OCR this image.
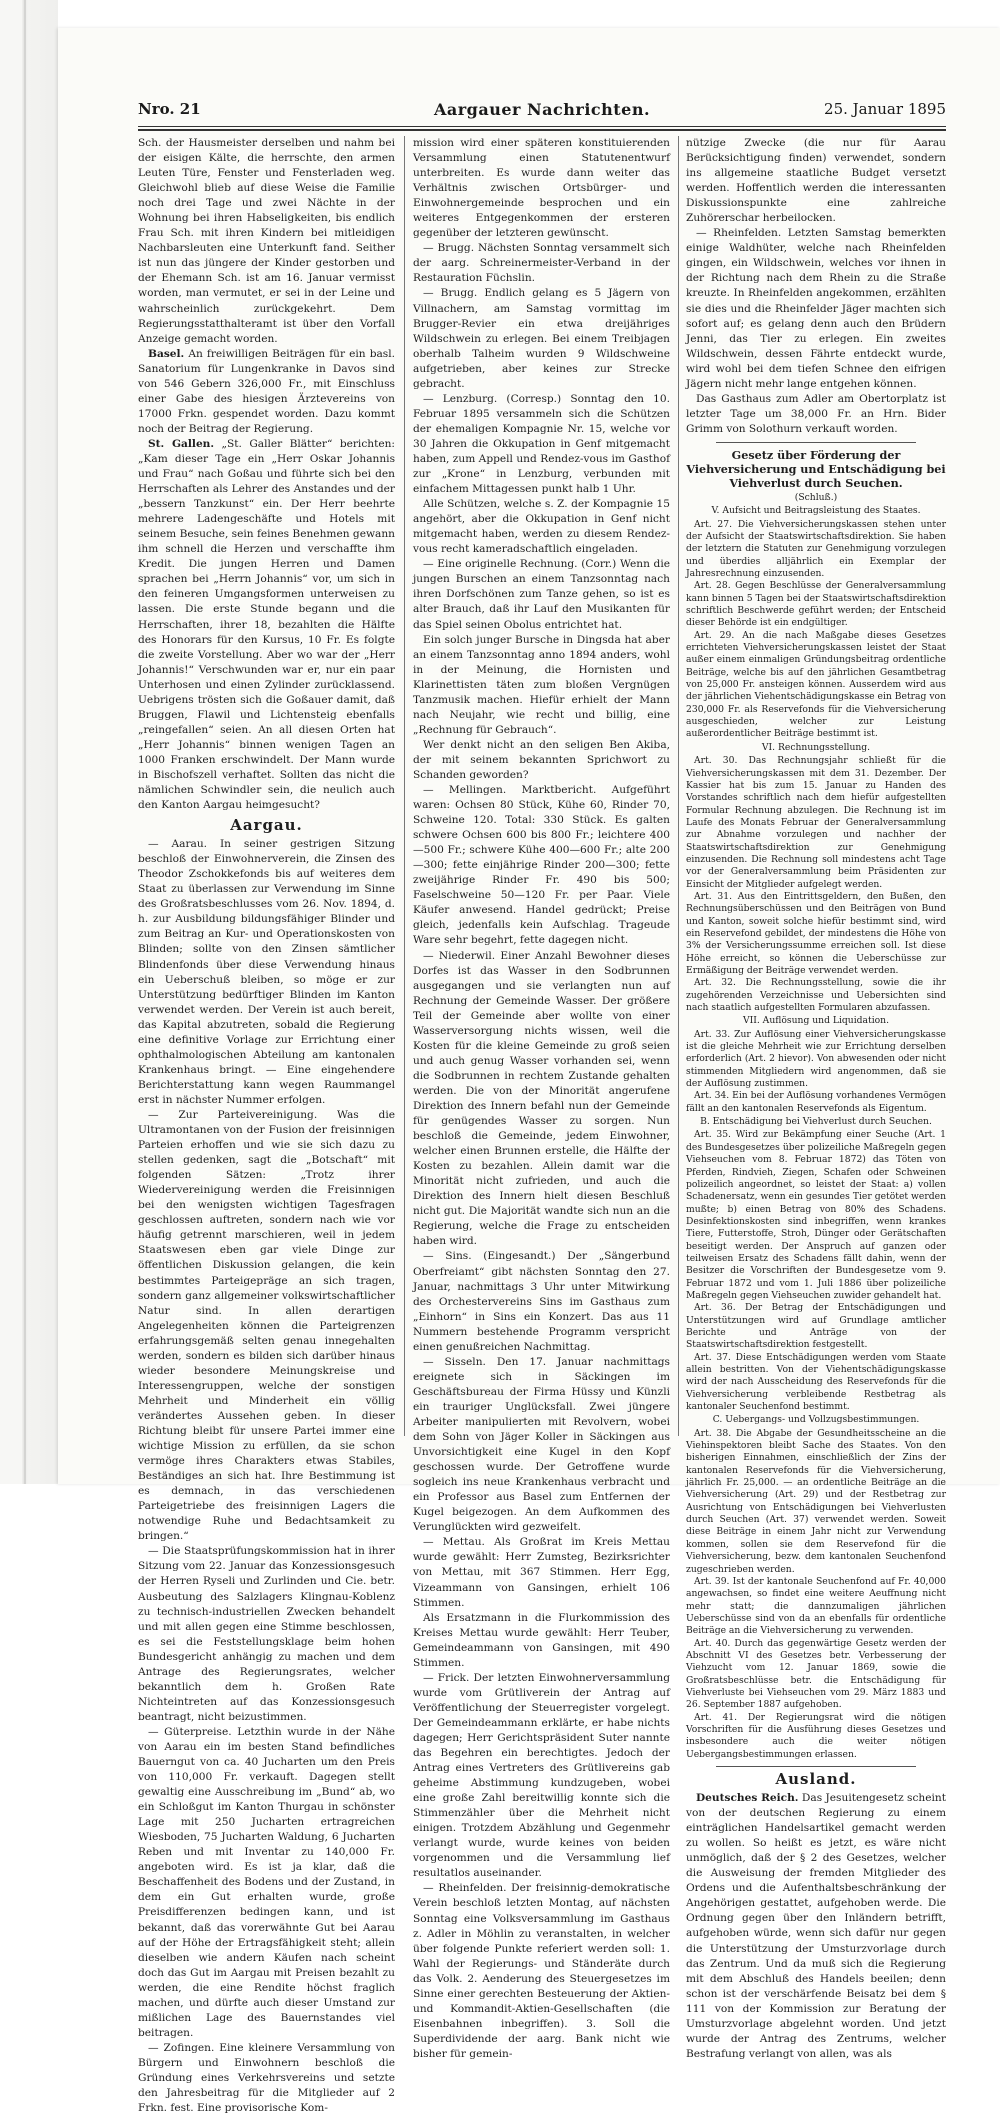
Nro. 21	Aargauer Nachrichten.	25. Januar 1895

Sch. der Hausmeister derselben und nahm bei der eisigen Kälte, die herrschte, den armen Leuten Türe, Fenster und Fensterladen weg. Gleichwohl blieb auf diese Weise die Familie noch drei Tage und zwei Nächte in der Wohnung bei ihren Habseligkeiten, bis endlich Frau Sch. mit ihren Kindern bei mitleidigen Nachbarsleuten eine Unterkunft fand. Seither ist nun das jüngere der Kinder gestorben und der Ehemann Sch. ist am 16. Januar vermisst worden, man vermutet, er sei in der Leine und wahrscheinlich zurückgekehrt. Dem Regierungsstatthalteramt ist über den Vorfall Anzeige gemacht worden.

Basel. An freiwilligen Beiträgen für ein basl. Sanatorium für Lungenkranke in Davos sind von 546 Gebern 326,000 Fr., mit Einschluss einer Gabe des hiesigen Ärztevereins von 17000 Frkn. gespendet worden. Dazu kommt noch der Beitrag der Regierung.

St. Gallen. „St. Galler Blätter“ berichten: „Kam dieser Tage ein „Herr Oskar Johannis und Frau“ nach Goßau und führte sich bei den Herrschaften als Lehrer des Anstandes und der „bessern Tanzkunst“ ein. Der Herr beehrte mehrere Ladengeschäfte und Hotels mit seinem Besuche, sein feines Benehmen gewann ihm schnell die Herzen und verschaffte ihm Kredit. Die jungen Herren und Damen sprachen bei „Herrn Johannis“ vor, um sich in den feineren Umgangsformen unterweisen zu lassen. Die erste Stunde begann und die Herrschaften, ihrer 18, bezahlten die Hälfte des Honorars für den Kursus, 10 Fr. Es folgte die zweite Vorstellung. Aber wo war der „Herr Johannis!“ Verschwunden war er, nur ein paar Unterhosen und einen Zylinder zurücklassend. Uebrigens trösten sich die Goßauer damit, daß Bruggen, Flawil und Lichtensteig ebenfalls „reingefallen“ seien. An all diesen Orten hat „Herr Johannis“ binnen wenigen Tagen an 1000 Franken erschwindelt. Der Mann wurde in Bischofszell verhaftet. Sollten das nicht die nämlichen Schwindler sein, die neulich auch den Kanton Aargau heimgesucht?

Aargau.

— Aarau. In seiner gestrigen Sitzung beschloß der Einwohnerverein, die Zinsen des Theodor Zschokkefonds bis auf weiteres dem Staat zu überlassen zur Verwendung im Sinne des Großratsbeschlusses vom 26. Nov. 1894, d. h. zur Ausbildung bildungsfähiger Blinder und zum Beitrag an Kur- und Operationskosten von Blinden; sollte von den Zinsen sämtlicher Blindenfonds über diese Verwendung hinaus ein Ueberschuß bleiben, so möge er zur Unterstützung bedürftiger Blinden im Kanton verwendet werden. Der Verein ist auch bereit, das Kapital abzutreten, sobald die Regierung eine definitive Vorlage zur Errichtung einer ophthalmologischen Abteilung am kantonalen Krankenhaus bringt. — Eine eingehendere Berichterstattung kann wegen Raummangel erst in nächster Nummer erfolgen.

— Zur Parteivereinigung. Was die Ultramontanen von der Fusion der freisinnigen Parteien erhoffen und wie sie sich dazu zu stellen gedenken, sagt die „Botschaft“ mit folgenden Sätzen: „Trotz ihrer Wiedervereinigung werden die Freisinnigen bei den wenigsten wichtigen Tagesfragen geschlossen auftreten, sondern nach wie vor häufig getrennt marschieren, weil in jedem Staatswesen eben gar viele Dinge zur öffentlichen Diskussion gelangen, die kein bestimmtes Parteigepräge an sich tragen, sondern ganz allgemeiner volkswirtschaftlicher Natur sind. In allen derartigen Angelegenheiten können die Parteigrenzen erfahrungsgemäß selten genau innegehalten werden, sondern es bilden sich darüber hinaus wieder besondere Meinungskreise und Interessengruppen, welche der sonstigen Mehrheit und Minderheit ein völlig verändertes Aussehen geben. In dieser Richtung bleibt für unsere Partei immer eine wichtige Mission zu erfüllen, da sie schon vermöge ihres Charakters etwas Stabiles, Beständiges an sich hat. Ihre Bestimmung ist es demnach, in das verschiedenen Parteigetriebe des freisinnigen Lagers die notwendige Ruhe und Bedachtsamkeit zu bringen.“

— Die Staatsprüfungskommission hat in ihrer Sitzung vom 22. Januar das Konzessionsgesuch der Herren Ryseli und Zurlinden und Cie. betr. Ausbeutung des Salzlagers Klingnau-Koblenz zu technisch-industriellen Zwecken behandelt und mit allen gegen eine Stimme beschlossen, es sei die Feststellungsklage beim hohen Bundesgericht anhängig zu machen und dem Antrage des Regierungsrates, welcher bekanntlich dem h. Großen Rate Nichteintreten auf das Konzessionsgesuch beantragt, nicht beizustimmen.

— Güterpreise. Letzthin wurde in der Nähe von Aarau ein im besten Stand befindliches Bauerngut von ca. 40 Jucharten um den Preis von 110,000 Fr. verkauft. Dagegen stellt gewaltig eine Ausschreibung im „Bund“ ab, wo ein Schloßgut im Kanton Thurgau in schönster Lage mit 250 Jucharten ertragreichen Wiesboden, 75 Jucharten Waldung, 6 Jucharten Reben und mit Inventar zu 140,000 Fr. angeboten wird. Es ist ja klar, daß die Beschaffenheit des Bodens und der Zustand, in dem ein Gut erhalten wurde, große Preisdifferenzen bedingen kann, und ist bekannt, daß das vorerwähnte Gut bei Aarau auf der Höhe der Ertragsfähigkeit steht; allein dieselben wie andern Käufen nach scheint doch das Gut im Aargau mit Preisen bezahlt zu werden, die eine Rendite höchst fraglich machen, und dürfte auch dieser Umstand zur mißlichen Lage des Bauernstandes viel beitragen.

— Zofingen. Eine kleinere Versammlung von Bürgern und Einwohnern beschloß die Gründung eines Verkehrsvereins und setzte den Jahresbeitrag für die Mitglieder auf 2 Frkn. fest. Eine provisorische Kom-

mission wird einer späteren konstituierenden Versammlung einen Statutenentwurf unterbreiten. Es wurde dann weiter das Verhältnis zwischen Ortsbürger- und Einwohnergemeinde besprochen und ein weiteres Entgegenkommen der ersteren gegenüber der letzteren gewünscht.

— Brugg. Nächsten Sonntag versammelt sich der aarg. Schreinermeister-Verband in der Restauration Füchslin.

— Brugg. Endlich gelang es 5 Jägern von Villnachern, am Samstag vormittag im Brugger-Revier ein etwa dreijähriges Wildschwein zu erlegen. Bei einem Treibjagen oberhalb Talheim wurden 9 Wildschweine aufgetrieben, aber keines zur Strecke gebracht.

— Lenzburg. (Corresp.) Sonntag den 10. Februar 1895 versammeln sich die Schützen der ehemaligen Kompagnie Nr. 15, welche vor 30 Jahren die Okkupation in Genf mitgemacht haben, zum Appell und Rendez-vous im Gasthof zur „Krone“ in Lenzburg, verbunden mit einfachem Mittagessen punkt halb 1 Uhr.

Alle Schützen, welche s. Z. der Kompagnie 15 angehört, aber die Okkupation in Genf nicht mitgemacht haben, werden zu diesem Rendez-vous recht kameradschaftlich eingeladen.

— Eine originelle Rechnung. (Corr.) Wenn die jungen Burschen an einem Tanzsonntag nach ihren Dorfschönen zum Tanze gehen, so ist es alter Brauch, daß ihr Lauf den Musikanten für das Spiel seinen Obolus entrichtet hat.

Ein solch junger Bursche in Dingsda hat aber an einem Tanzsonntag anno 1894 anders, wohl in der Meinung, die Hornisten und Klarinettisten täten zum bloßen Vergnügen Tanzmusik machen. Hiefür erhielt der Mann nach Neujahr, wie recht und billig, eine „Rechnung für Gebrauch“.

Wer denkt nicht an den seligen Ben Akiba, der mit seinem bekannten Sprichwort zu Schanden geworden?

— Mellingen. Marktbericht. Aufgeführt waren: Ochsen 80 Stück, Kühe 60, Rinder 70, Schweine 120. Total: 330 Stück. Es galten schwere Ochsen 600 bis 800 Fr.; leichtere 400—500 Fr.; schwere Kühe 400—600 Fr.; alte 200—300; fette einjährige Rinder 200—300; fette zweijährige Rinder Fr. 490 bis 500; Faselschweine 50—120 Fr. per Paar. Viele Käufer anwesend. Handel gedrückt; Preise gleich, jedenfalls kein Aufschlag. Trageude Ware sehr begehrt, fette dagegen nicht.

— Niederwil. Einer Anzahl Bewohner dieses Dorfes ist das Wasser in den Sodbrunnen ausgegangen und sie verlangten nun auf Rechnung der Gemeinde Wasser. Der größere Teil der Gemeinde aber wollte von einer Wasserversorgung nichts wissen, weil die Kosten für die kleine Gemeinde zu groß seien und auch genug Wasser vorhanden sei, wenn die Sodbrunnen in rechtem Zustande gehalten werden. Die von der Minorität angerufene Direktion des Innern befahl nun der Gemeinde für genügendes Wasser zu sorgen. Nun beschloß die Gemeinde, jedem Einwohner, welcher einen Brunnen erstelle, die Hälfte der Kosten zu bezahlen. Allein damit war die Minorität nicht zufrieden, und auch die Direktion des Innern hielt diesen Beschluß nicht gut. Die Majorität wandte sich nun an die Regierung, welche die Frage zu entscheiden haben wird.

— Sins. (Eingesandt.) Der „Sängerbund Oberfreiamt“ gibt nächsten Sonntag den 27. Januar, nachmittags 3 Uhr unter Mitwirkung des Orchestervereins Sins im Gasthaus zum „Einhorn“ in Sins ein Konzert. Das aus 11 Nummern bestehende Programm verspricht einen genußreichen Nachmittag.

— Sisseln. Den 17. Januar nachmittags ereignete sich in Säckingen im Geschäftsbureau der Firma Hüssy und Künzli ein trauriger Unglücksfall. Zwei jüngere Arbeiter manipulierten mit Revolvern, wobei dem Sohn von Jäger Koller in Säckingen aus Unvorsichtigkeit eine Kugel in den Kopf geschossen wurde. Der Getroffene wurde sogleich ins neue Krankenhaus verbracht und ein Professor aus Basel zum Entfernen der Kugel beigezogen. An dem Aufkommen des Verunglückten wird gezweifelt.

— Mettau. Als Großrat im Kreis Mettau wurde gewählt: Herr Zumsteg, Bezirksrichter von Mettau, mit 367 Stimmen. Herr Egg, Vizeammann von Gansingen, erhielt 106 Stimmen.

Als Ersatzmann in die Flurkommission des Kreises Mettau wurde gewählt: Herr Teuber, Gemeindeammann von Gansingen, mit 490 Stimmen.

— Frick. Der letzten Einwohnerversammlung wurde vom Grütliverein der Antrag auf Veröffentlichung der Steuerregister vorgelegt. Der Gemeindeammann erklärte, er habe nichts dagegen; Herr Gerichtspräsident Suter nannte das Begehren ein berechtigtes. Jedoch der Antrag eines Vertreters des Grütlivereins gab geheime Abstimmung kundzugeben, wobei eine große Zahl bereitwillig konnte sich die Stimmenzähler über die Mehrheit nicht einigen. Trotzdem Abzählung und Gegenmehr verlangt wurde, wurde keines von beiden vorgenommen und die Versammlung lief resultatlos auseinander.

— Rheinfelden. Der freisinnig-demokratische Verein beschloß letzten Montag, auf nächsten Sonntag eine Volksversammlung im Gasthaus z. Adler in Möhlin zu veranstalten, in welcher über folgende Punkte referiert werden soll: 1. Wahl der Regierungs- und Ständeräte durch das Volk. 2. Aenderung des Steuergesetzes im Sinne einer gerechten Besteuerung der Aktien- und Kommandit-Aktien-Gesellschaften (die Eisenbahnen inbegriffen). 3. Soll die Superdividende der aarg. Bank nicht wie bisher für gemein-

nützige Zwecke (die nur für Aarau Berücksichtigung finden) verwendet, sondern ins allgemeine staatliche Budget versetzt werden. Hoffentlich werden die interessanten Diskussionspunkte eine zahlreiche Zuhörerschar herbeilocken.

— Rheinfelden. Letzten Samstag bemerkten einige Waldhüter, welche nach Rheinfelden gingen, ein Wildschwein, welches vor ihnen in der Richtung nach dem Rhein zu die Straße kreuzte. In Rheinfelden angekommen, erzählten sie dies und die Rheinfelder Jäger machten sich sofort auf; es gelang denn auch den Brüdern Jenni, das Tier zu erlegen. Ein zweites Wildschwein, dessen Fährte entdeckt wurde, wird wohl bei dem tiefen Schnee den eifrigen Jägern nicht mehr lange entgehen können.

Das Gasthaus zum Adler am Obertorplatz ist letzter Tage um 38,000 Fr. an Hrn. Bider Grimm von Solothurn verkauft worden.

Gesetz über Förderung der Viehversicherung und Entschädigung bei Viehverlust durch Seuchen.

(Schluß.)

V. Aufsicht und Beitragsleistung des Staates.

Art. 27. Die Viehversicherungskassen stehen unter der Aufsicht der Staatswirtschaftsdirektion. Sie haben der letztern die Statuten zur Genehmigung vorzulegen und überdies alljährlich ein Exemplar der Jahresrechnung einzusenden.

Art. 28. Gegen Beschlüsse der Generalversammlung kann binnen 5 Tagen bei der Staatswirtschaftsdirektion schriftlich Beschwerde geführt werden; der Entscheid dieser Behörde ist ein endgültiger.

Art. 29. An die nach Maßgabe dieses Gesetzes errichteten Viehversicherungskassen leistet der Staat außer einem einmaligen Gründungsbeitrag ordentliche Beiträge, welche bis auf den jährlichen Gesamtbetrag von 25,000 Fr. ansteigen können. Ausserdem wird aus der jährlichen Viehentschädigungskasse ein Betrag von 230,000 Fr. als Reservefonds für die Viehversicherung ausgeschieden, welcher zur Leistung außerordentlicher Beiträge bestimmt ist.

VI. Rechnungsstellung.

Art. 30. Das Rechnungsjahr schließt für die Viehversicherungskassen mit dem 31. Dezember. Der Kassier hat bis zum 15. Januar zu Handen des Vorstandes schriftlich nach dem hiefür aufgestellten Formular Rechnung abzulegen. Die Rechnung ist im Laufe des Monats Februar der Generalversammlung zur Abnahme vorzulegen und nachher der Staatswirtschaftsdirektion zur Genehmigung einzusenden. Die Rechnung soll mindestens acht Tage vor der Generalversammlung beim Präsidenten zur Einsicht der Mitglieder aufgelegt werden.

Art. 31. Aus den Eintrittsgeldern, den Bußen, den Rechnungsüberschüssen und den Beiträgen von Bund und Kanton, soweit solche hiefür bestimmt sind, wird ein Reservefond gebildet, der mindestens die Höhe von 3% der Versicherungssumme erreichen soll. Ist diese Höhe erreicht, so können die Ueberschüsse zur Ermäßigung der Beiträge verwendet werden.

Art. 32. Die Rechnungsstellung, sowie die ihr zugehörenden Verzeichnisse und Uebersichten sind nach staatlich aufgestellten Formularen abzufassen.

VII. Auflösung und Liquidation.

Art. 33. Zur Auflösung einer Viehversicherungskasse ist die gleiche Mehrheit wie zur Errichtung derselben erforderlich (Art. 2 hievor). Von abwesenden oder nicht stimmenden Mitgliedern wird angenommen, daß sie der Auflösung zustimmen.

Art. 34. Ein bei der Auflösung vorhandenes Vermögen fällt an den kantonalen Reservefonds als Eigentum.

B. Entschädigung bei Viehverlust durch Seuchen.

Art. 35. Wird zur Bekämpfung einer Seuche (Art. 1 des Bundesgesetzes über polizeiliche Maßregeln gegen Viehseuchen vom 8. Februar 1872) das Töten von Pferden, Rindvieh, Ziegen, Schafen oder Schweinen polizeilich angeordnet, so leistet der Staat: a) vollen Schadenersatz, wenn ein gesundes Tier getötet werden mußte; b) einen Betrag von 80% des Schadens. Desinfektionskosten sind inbegriffen, wenn krankes Tiere, Futterstoffe, Stroh, Dünger oder Gerätschaften beseitigt werden. Der Anspruch auf ganzen oder teilweisen Ersatz des Schadens fällt dahin, wenn der Besitzer die Vorschriften der Bundesgesetze vom 9. Februar 1872 und vom 1. Juli 1886 über polizeiliche Maßregeln gegen Viehseuchen zuwider gehandelt hat.

Art. 36. Der Betrag der Entschädigungen und Unterstützungen wird auf Grundlage amtlicher Berichte und Anträge von der Staatswirtschaftsdirektion festgestellt.

Art. 37. Diese Entschädigungen werden vom Staate allein bestritten. Von der Viehentschädigungskasse wird der nach Ausscheidung des Reservefonds für die Viehversicherung verbleibende Restbetrag als kantonaler Seuchenfond bestimmt.

C. Uebergangs- und Vollzugsbestimmungen.

Art. 38. Die Abgabe der Gesundheitsscheine an die Viehinspektoren bleibt Sache des Staates. Von den bisherigen Einnahmen, einschließlich der Zins der kantonalen Reservefonds für die Viehversicherung, jährlich Fr. 25,000. — an ordentliche Beiträge an die Viehversicherung (Art. 29) und der Restbetrag zur Ausrichtung von Entschädigungen bei Viehverlusten durch Seuchen (Art. 37) verwendet werden. Soweit diese Beiträge in einem Jahr nicht zur Verwendung kommen, sollen sie dem Reservefond für die Viehversicherung, bezw. dem kantonalen Seuchenfond zugeschrieben werden.

Art. 39. Ist der kantonale Seuchenfond auf Fr. 40,000 angewachsen, so findet eine weitere Aeuffnung nicht mehr statt; die dannzumaligen jährlichen Ueberschüsse sind von da an ebenfalls für ordentliche Beiträge an die Viehversicherung zu verwenden.

Art. 40. Durch das gegenwärtige Gesetz werden der Abschnitt VI des Gesetzes betr. Verbesserung der Viehzucht vom 12. Januar 1869, sowie die Großratsbeschlüsse betr. die Entschädigung für Viehverluste bei Viehseuchen vom 29. März 1883 und 26. September 1887 aufgehoben.

Art. 41. Der Regierungsrat wird die nötigen Vorschriften für die Ausführung dieses Gesetzes und insbesondere auch die weiter nötigen Uebergangsbestimmungen erlassen.

Ausland.

Deutsches Reich. Das Jesuitengesetz scheint von der deutschen Regierung zu einem einträglichen Handelsartikel gemacht werden zu wollen. So heißt es jetzt, es wäre nicht unmöglich, daß der § 2 des Gesetzes, welcher die Ausweisung der fremden Mitglieder des Ordens und die Aufenthaltsbeschränkung der Angehörigen gestattet, aufgehoben werde. Die Ordnung gegen über den Inländern betrifft, aufgehoben würde, wenn sich dafür nur gegen die Unterstützung der Umsturzvorlage durch das Zentrum. Und da muß sich die Regierung mit dem Abschluß des Handels beeilen; denn schon ist der verschärfende Beisatz bei dem § 111 von der Kommission zur Beratung der Umsturzvorlage abgelehnt worden. Und jetzt wurde der Antrag des Zentrums, welcher Bestrafung verlangt von allen, was als
